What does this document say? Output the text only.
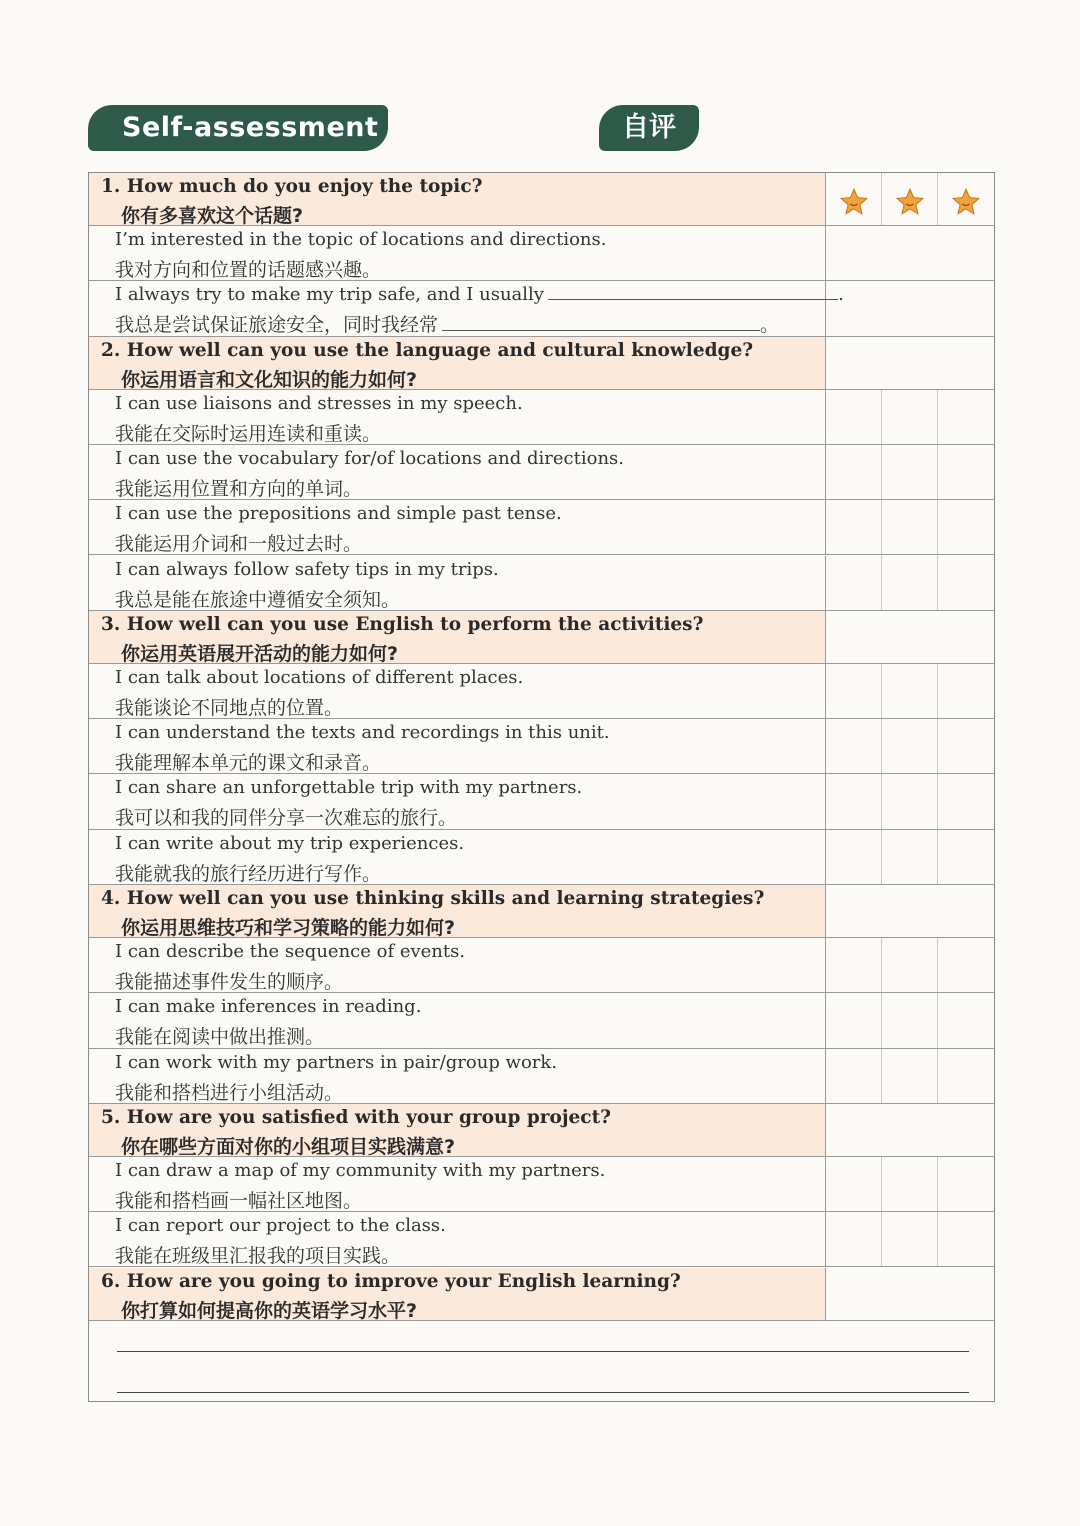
Self-assessment	自评
1. How much do you enjoy the topic?
你有多喜欢这个话题?
I’m interested in the topic of locations and directions.
我对方向和位置的话题感兴趣。
I always try to make my trip safe, and I usually	.
我总是尝试保证旅途安全，同时我经常	。
2. How well can you use the language and cultural knowledge?
你运用语言和文化知识的能力如何?
I can use liaisons and stresses in my speech.
我能在交际时运用连读和重读。
I can use the vocabulary for/of locations and directions.
我能运用位置和方向的单词。
I can use the prepositions and simple past tense.
我能运用介词和一般过去时。
I can always follow safety tips in my trips.
我总是能在旅途中遵循安全须知。
3. How well can you use English to perform the activities?
你运用英语展开活动的能力如何?
I can talk about locations of different places.
我能谈论不同地点的位置。
I can understand the texts and recordings in this unit.
我能理解本单元的课文和录音。
I can share an unforgettable trip with my partners.
我可以和我的同伴分享一次难忘的旅行。
I can write about my trip experiences.
我能就我的旅行经历进行写作。
4. How well can you use thinking skills and learning strategies?
你运用思维技巧和学习策略的能力如何?
I can describe the sequence of events.
我能描述事件发生的顺序。
I can make inferences in reading.
我能在阅读中做出推测。
I can work with my partners in pair/group work.
我能和搭档进行小组活动。
5. How are you satisfied with your group project?
你在哪些方面对你的小组项目实践满意?
I can draw a map of my community with my partners.
我能和搭档画一幅社区地图。
I can report our project to the class.
我能在班级里汇报我的项目实践。
6. How are you going to improve your English learning?
你打算如何提高你的英语学习水平?
